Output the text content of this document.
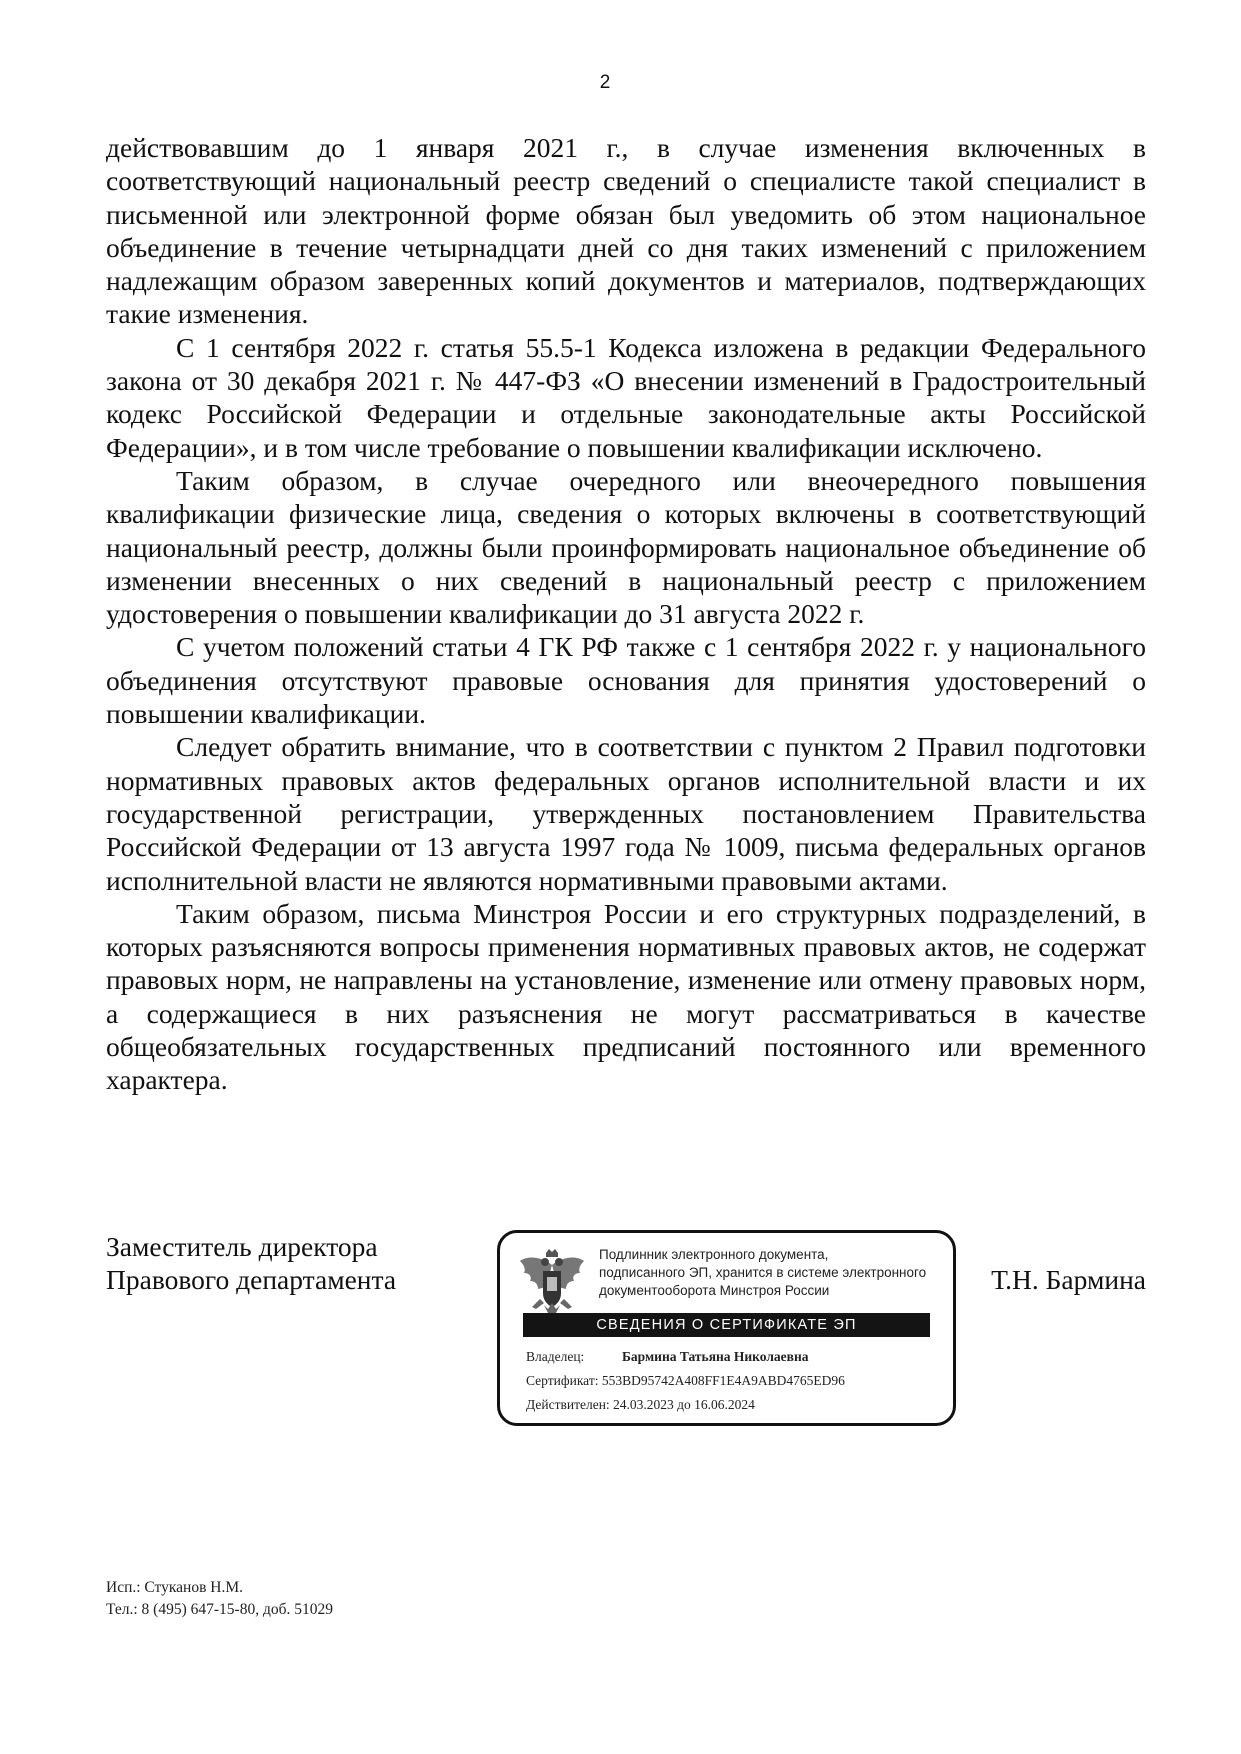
2

действовавшим до 1 января 2021 г., в случае изменения включенных в соответствующий национальный реестр сведений о специалисте такой специалист в письменной или электронной форме обязан был уведомить об этом национальное объединение в течение четырнадцати дней со дня таких изменений с приложением надлежащим образом заверенных копий документов и материалов, подтверждающих такие изменения.

С 1 сентября 2022 г. статья 55.5-1 Кодекса изложена в редакции Федерального закона от 30 декабря 2021 г. № 447-ФЗ «О внесении изменений в Градостроительный кодекс Российской Федерации и отдельные законодательные акты Российской Федерации», и в том числе требование о повышении квалификации исключено.

Таким образом, в случае очередного или внеочередного повышения квалификации физические лица, сведения о которых включены в соответствующий национальный реестр, должны были проинформировать национальное объединение об изменении внесенных о них сведений в национальный реестр с приложением удостоверения о повышении квалификации до 31 августа 2022 г.

С учетом положений статьи 4 ГК РФ также с 1 сентября 2022 г. у национального объединения отсутствуют правовые основания для принятия удостоверений о повышении квалификации.

Следует обратить внимание, что в соответствии с пунктом 2 Правил подготовки нормативных правовых актов федеральных органов исполнительной власти и их государственной регистрации, утвержденных постановлением Правительства Российской Федерации от 13 августа 1997 года № 1009, письма федеральных органов исполнительной власти не являются нормативными правовыми актами.

Таким образом, письма Минстроя России и его структурных подразделений, в которых разъясняются вопросы применения нормативных правовых актов, не содержат правовых норм, не направлены на установление, изменение или отмену правовых норм, а содержащиеся в них разъяснения не могут рассматриваться в качестве общеобязательных государственных предписаний постоянного или временного характера.

Заместитель директора
Правового департамента
Подлинник электронного документа,
подписанного ЭП, хранится в системе электронного
документооборота Минстроя России
СВЕДЕНИЯ О СЕРТИФИКАТЕ ЭП
Владелец:	Бармина Татьяна Николаевна
Сертификат: 553BD95742A408FF1E4A9ABD4765ED96
Действителен: 24.03.2023 до 16.06.2024
Т.Н. Бармина
Исп.: Стуканов Н.М.
Тел.: 8 (495) 647-15-80, доб. 51029
